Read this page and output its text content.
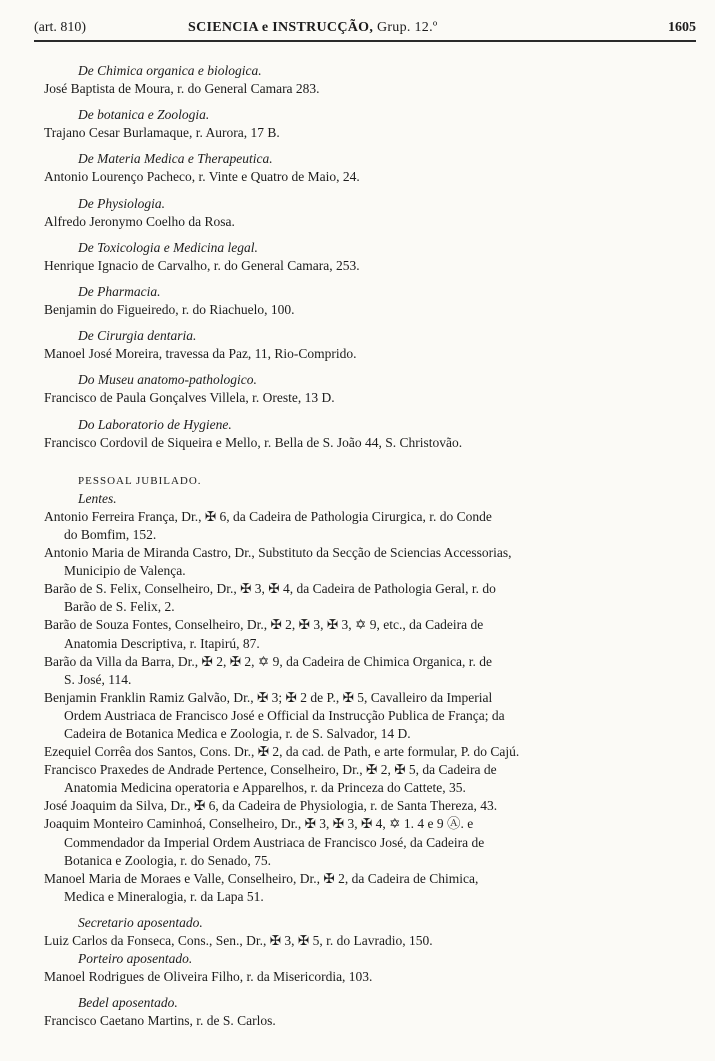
(art. 810)	SCIENCIA e INSTRUCÇÃO, Grup. 12.º	1605
De Chimica organica e biologica.
José Baptista de Moura, r. do General Camara 283.
De botanica e Zoologia.
Trajano Cesar Burlamaque, r. Aurora, 17 B.
De Materia Medica e Therapeutica.
Antonio Lourenço Pacheco, r. Vinte e Quatro de Maio, 24.
De Physiologia.
Alfredo Jeronymo Coelho da Rosa.
De Toxicologia e Medicina legal.
Henrique Ignacio de Carvalho, r. do General Camara, 253.
De Pharmacia.
Benjamin do Figueiredo, r. do Riachuelo, 100.
De Cirurgia dentaria.
Manoel José Moreira, travessa da Paz, 11, Rio-Comprido.
Do Museu anatomo-pathologico.
Francisco de Paula Gonçalves Villela, r. Oreste, 13 D.
Do Laboratorio de Hygiene.
Francisco Cordovil de Siqueira e Mello, r. Bella de S. João 44, S. Christovão.
PESSOAL JUBILADO.
Lentes.
Antonio Ferreira França, Dr., ✠ 6, da Cadeira de Pathologia Cirurgica, r. do Conde
do Bomfim, 152.
Antonio Maria de Miranda Castro, Dr., Substituto da Secção de Sciencias Accessorias,
Municipio de Valença.
Barão de S. Felix, Conselheiro, Dr., ✠ 3, ✠ 4, da Cadeira de Pathologia Geral, r. do
Barão de S. Felix, 2.
Barão de Souza Fontes, Conselheiro, Dr., ✠ 2, ✠ 3, ✠ 3, ✡ 9, etc., da Cadeira de
Anatomia Descriptiva, r. Itapirú, 87.
Barão da Villa da Barra, Dr., ✠ 2, ✠ 2, ✡ 9, da Cadeira de Chimica Organica, r. de
S. José, 114.
Benjamin Franklin Ramiz Galvão, Dr., ✠ 3; ✠ 2 de P., ✠ 5, Cavalleiro da Imperial
Ordem Austriaca de Francisco José e Official da Instrucção Publica de França; da
Cadeira de Botanica Medica e Zoologia, r. de S. Salvador, 14 D.
Ezequiel Corrêa dos Santos, Cons. Dr., ✠ 2, da cad. de Path, e arte formular, P. do Cajú.
Francisco Praxedes de Andrade Pertence, Conselheiro, Dr., ✠ 2, ✠ 5, da Cadeira de
Anatomia Medicina operatoria e Apparelhos, r. da Princeza do Cattete, 35.
José Joaquim da Silva, Dr., ✠ 6, da Cadeira de Physiologia, r. de Santa Thereza, 43.
Joaquim Monteiro Caminhoá, Conselheiro, Dr., ✠ 3, ✠ 3, ✠ 4, ✡ 1. 4 e 9 Ⓐ. e
Commendador da Imperial Ordem Austriaca de Francisco José, da Cadeira de
Botanica e Zoologia, r. do Senado, 75.
Manoel Maria de Moraes e Valle, Conselheiro, Dr., ✠ 2, da Cadeira de Chimica,
Medica e Mineralogia, r. da Lapa 51.
Secretario aposentado.
Luiz Carlos da Fonseca, Cons., Sen., Dr., ✠ 3, ✠ 5, r. do Lavradio, 150.
Porteiro aposentado.
Manoel Rodrigues de Oliveira Filho, r. da Misericordia, 103.
Bedel aposentado.
Francisco Caetano Martins, r. de S. Carlos.
